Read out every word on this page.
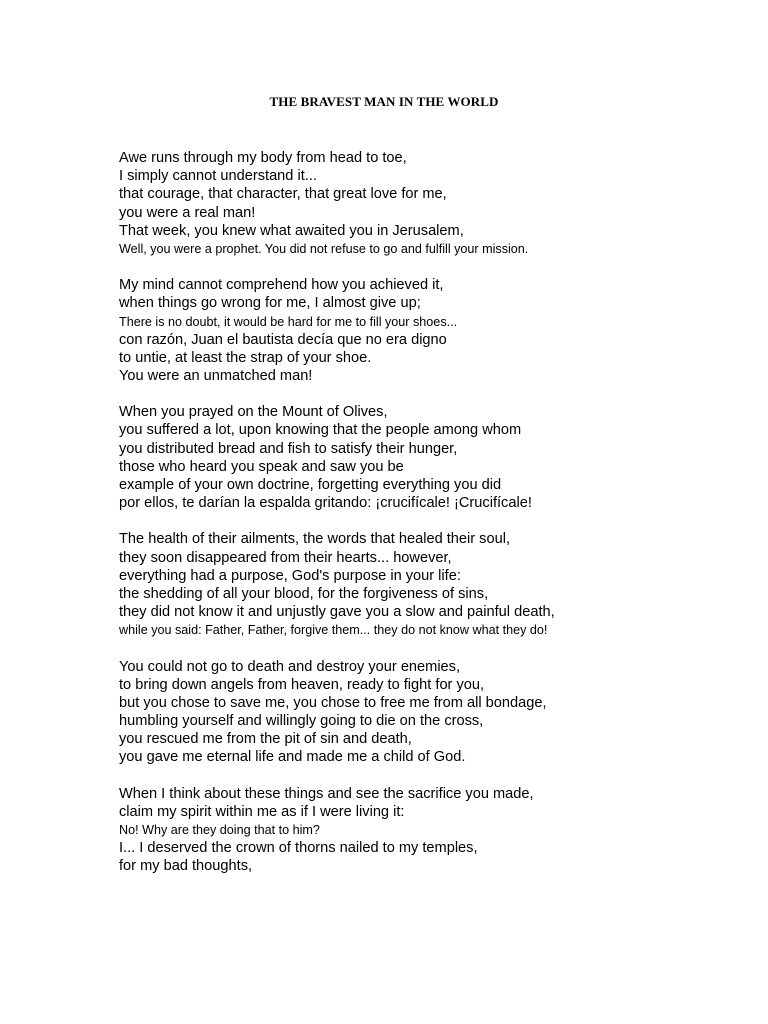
THE BRAVEST MAN IN THE WORLD
Awe runs through my body from head to toe,
I simply cannot understand it...
that courage, that character, that great love for me,
you were a real man!
That week, you knew what awaited you in Jerusalem,
Well, you were a prophet. You did not refuse to go and fulfill your mission.
My mind cannot comprehend how you achieved it,
when things go wrong for me, I almost give up;
There is no doubt, it would be hard for me to fill your shoes...
con razón, Juan el bautista decía que no era digno
to untie, at least the strap of your shoe.
You were an unmatched man!
When you prayed on the Mount of Olives,
you suffered a lot, upon knowing that the people among whom
you distributed bread and fish to satisfy their hunger,
those who heard you speak and saw you be
example of your own doctrine, forgetting everything you did
por ellos, te darían la espalda gritando: ¡crucifícale! ¡Crucifícale!
The health of their ailments, the words that healed their soul,
they soon disappeared from their hearts... however,
everything had a purpose, God's purpose in your life:
the shedding of all your blood, for the forgiveness of sins,
they did not know it and unjustly gave you a slow and painful death,
while you said: Father, Father, forgive them... they do not know what they do!
You could not go to death and destroy your enemies,
to bring down angels from heaven, ready to fight for you,
but you chose to save me, you chose to free me from all bondage,
humbling yourself and willingly going to die on the cross,
you rescued me from the pit of sin and death,
you gave me eternal life and made me a child of God.
When I think about these things and see the sacrifice you made,
claim my spirit within me as if I were living it:
No! Why are they doing that to him?
I... I deserved the crown of thorns nailed to my temples,
for my bad thoughts,
